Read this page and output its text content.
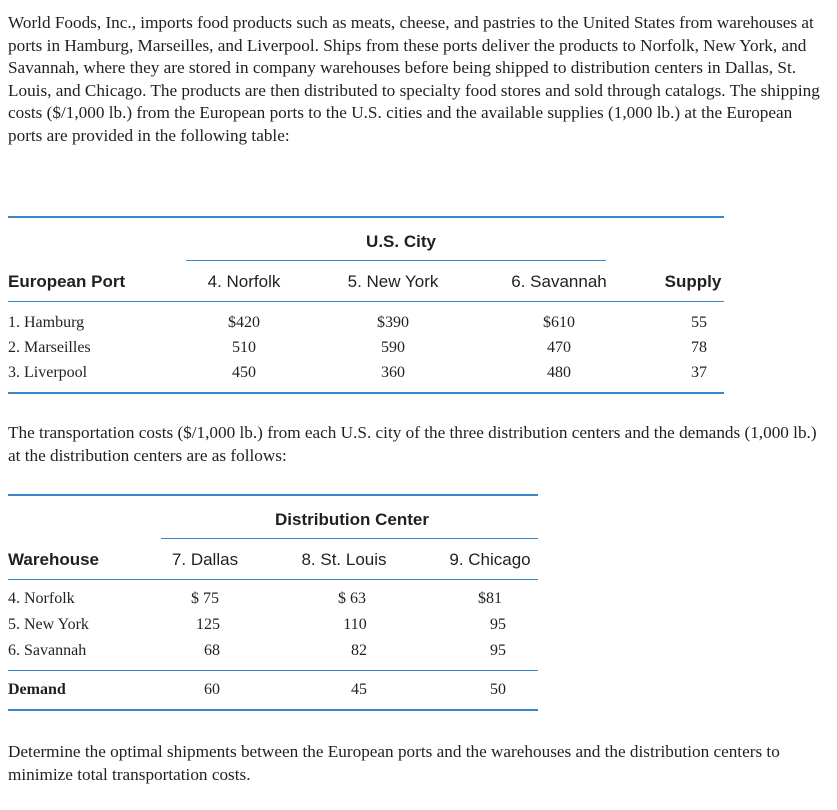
World Foods, Inc., imports food products such as meats, cheese, and pastries to the United States from warehouses at ports in Hamburg, Marseilles, and Liverpool. Ships from these ports deliver the products to Norfolk, New York, and Savannah, where they are stored in company warehouses before being shipped to distribution centers in Dallas, St. Louis, and Chicago. The products are then distributed to specialty food stores and sold through catalogs. The shipping costs ($/1,000 lb.) from the European ports to the U.S. cities and the available supplies (1,000 lb.) at the European ports are provided in the following table:

U.S. City
European Port	4. Norfolk	5. New York	6. Savannah	Supply
1. Hamburg	$420	$390	$610	55
2. Marseilles	510	590	470	78
3. Liverpool	450	360	480	37

The transportation costs ($/1,000 lb.) from each U.S. city of the three distribution centers and the demands (1,000 lb.) at the distribution centers are as follows:

Distribution Center
Warehouse	7. Dallas	8. St. Louis	9. Chicago
4. Norfolk	$ 75	$ 63	$81
5. New York	125	110	95
6. Savannah	68	82	95
Demand	60	45	50

Determine the optimal shipments between the European ports and the warehouses and the distribution centers to minimize total transportation costs.
